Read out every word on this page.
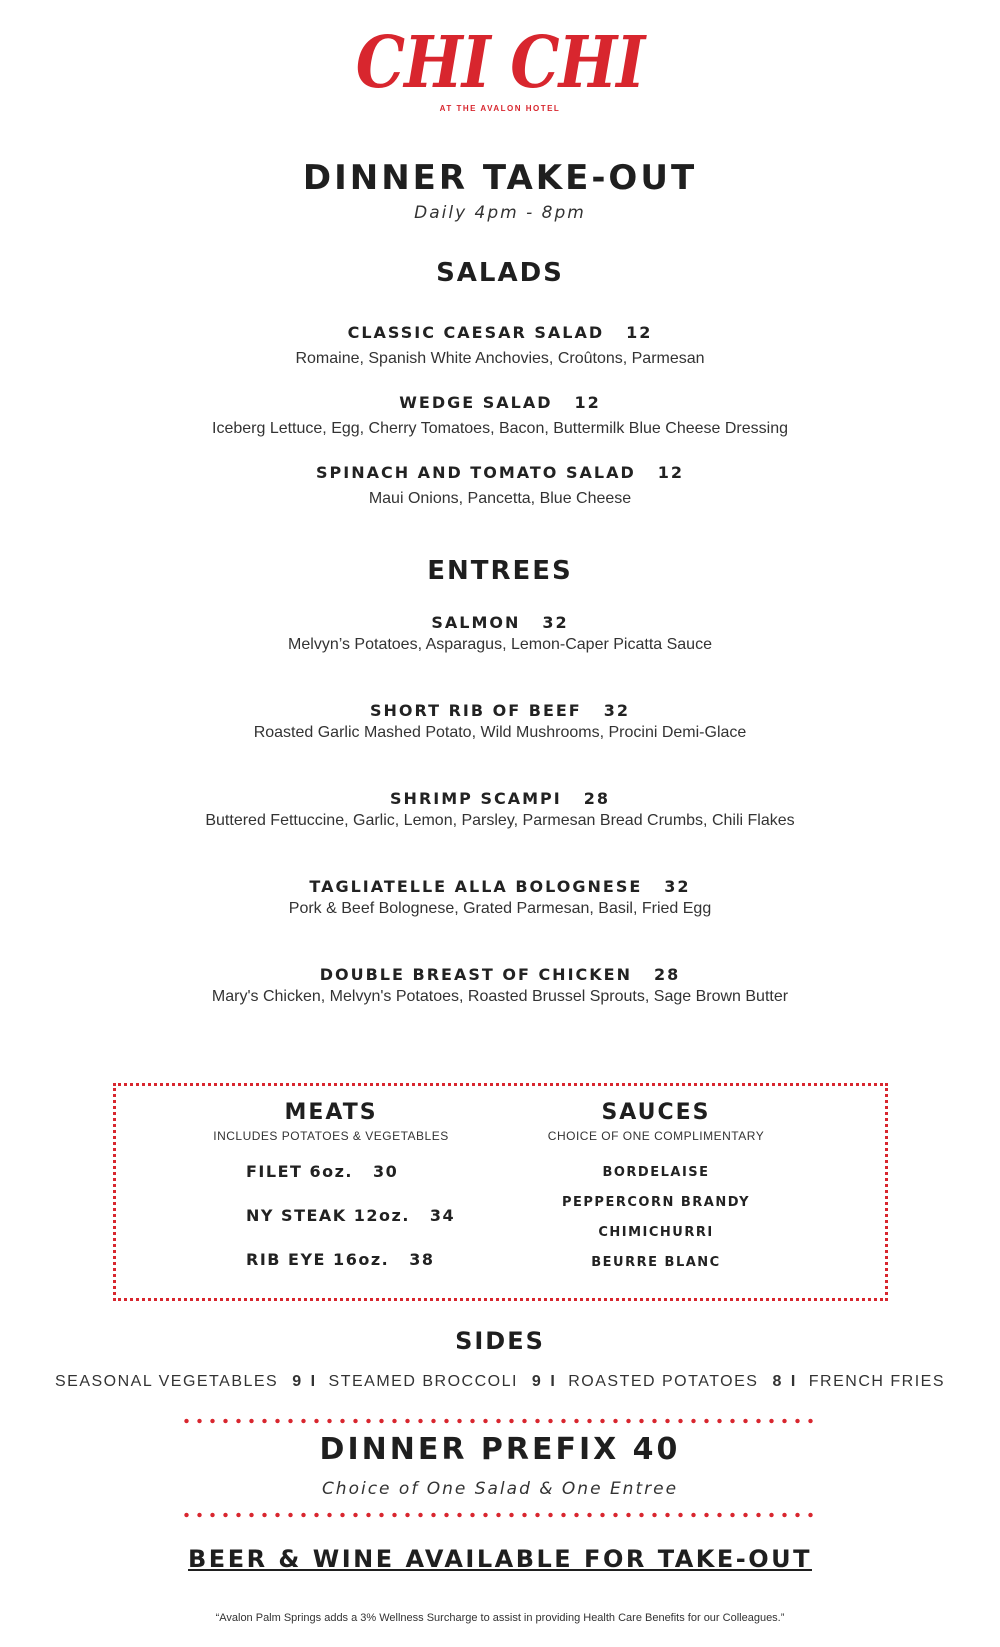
CHI CHI
AT THE AVALON HOTEL
DINNER TAKE-OUT
Daily 4pm - 8pm
SALADS
CLASSIC CAESAR SALAD 12
Romaine, Spanish White Anchovies, Croûtons, Parmesan
WEDGE SALAD 12
Iceberg Lettuce, Egg, Cherry Tomatoes, Bacon, Buttermilk Blue Cheese Dressing
SPINACH AND TOMATO SALAD 12
Maui Onions, Pancetta, Blue Cheese
ENTREES
SALMON 32
Melvyn’s Potatoes, Asparagus, Lemon-Caper Picatta Sauce
SHORT RIB OF BEEF 32
Roasted Garlic Mashed Potato, Wild Mushrooms, Procini Demi-Glace
SHRIMP SCAMPI 28
Buttered Fettuccine, Garlic, Lemon, Parsley, Parmesan Bread Crumbs, Chili Flakes
TAGLIATELLE ALLA BOLOGNESE 32
Pork & Beef Bolognese, Grated Parmesan, Basil, Fried Egg
DOUBLE BREAST OF CHICKEN 28
Mary's Chicken, Melvyn's Potatoes, Roasted Brussel Sprouts, Sage Brown Butter
MEATS
INCLUDES POTATOES & VEGETABLES
FILET 6oz. 30
NY STEAK 12oz. 34
RIB EYE 16oz. 38
SAUCES
CHOICE OF ONE COMPLIMENTARY
BORDELAISE
PEPPERCORN BRANDY
CHIMICHURRI
BEURRE BLANC
SIDES
SEASONAL VEGETABLES 9 I STEAMED BROCCOLI 9 I ROASTED POTATOES 8 I FRENCH FRIES
DINNER PREFIX 40
Choice of One Salad & One Entree
BEER & WINE AVAILABLE FOR TAKE-OUT
“Avalon Palm Springs adds a 3% Wellness Surcharge to assist in providing Health Care Benefits for our Colleagues.”
